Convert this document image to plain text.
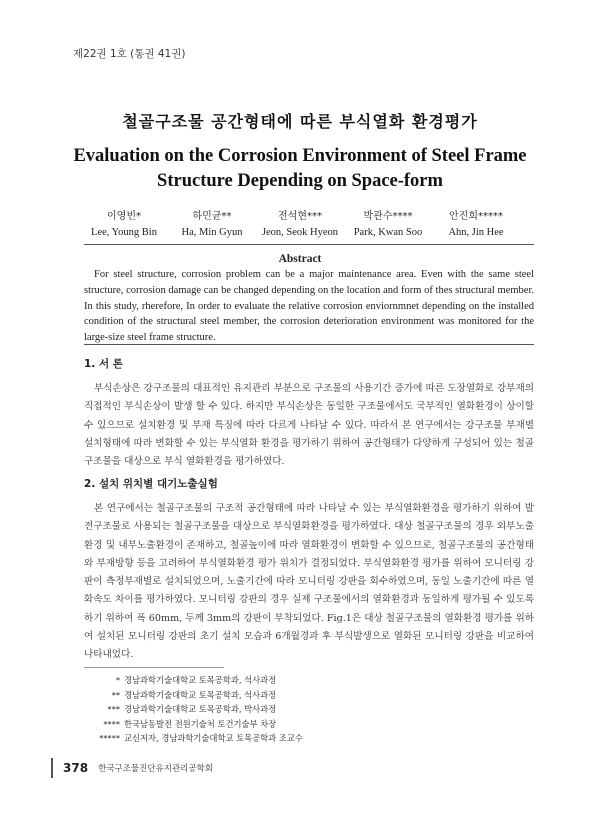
제22권 1호 (통권 41권)
철골구조물 공간형태에 따른 부식열화 환경평가
Evaluation on the Corrosion Environment of Steel Frame Structure Depending on Space-form
이영빈*
Lee, Young Bin
하민균**
Ha, Min Gyun
전석현***
Jeon, Seok Hyeon
박관수****
Park, Kwan Soo
안진희*****
Ahn, Jin Hee
Abstract

For steel structure, corrosion problem can be a major maintenance area. Even with the same steel structure, corrosion damage can be changed depending on the location and form of thes structural member. In this study, rherefore, In order to evaluate the relative corrosion enviornmnet depending on the installed condition of the structural steel member, the corrosion deterioration environment was monitored for the large-size steel frame structure.

1. 서 론

부식손상은 강구조물의 대표적인 유지관리 부분으로 구조물의 사용기간 증가에 따른 도장열화로 강부재의 직접적인 부식손상이 발생 할 수 있다. 하지만 부식손상은 동일한 구조물에서도 국부적인 열화환경이 상이할 수 있으므로 설치환경 및 부재 특징에 따라 다르게 나타날 수 있다. 따라서 본 연구에서는 강구조물 부재별 설치형태에 따라 변화할 수 있는 부식열화 환경을 평가하기 위하여 공간형태가 다양하게 구성되어 있는 철골구조물을 대상으로 부식 열화환경을 평가하였다.

2. 설치 위치별 대기노출실험

본 연구에서는 철골구조물의 구조적 공간형태에 따라 나타날 수 있는 부식열화환경을 평가하기 위하여 발전구조물로 사용되는 철골구조물을 대상으로 부식열화환경을 평가하였다. 대상 철골구조물의 경우 외부노출환경 및 내부노출환경이 존재하고, 철골높이에 따라 열화환경이 변화할 수 있으므로, 철골구조물의 공간형태와 부재방향 등을 고려하여 부식열화환경 평가 위치가 결정되었다. 부식열화환경 평가를 위하여 모니터링 강판이 측정부재별로 설치되었으며, 노출기간에 따라 모니터링 강판을 회수하였으며, 동일 노출기간에 따른 열화속도 차이를 평가하였다. 모니터링 강판의 경우 실제 구조물에서의 열화환경과 동일하게 평가될 수 있도록 하기 위하여 폭 60mm, 두께 3mm의 강판이 부착되었다. Fig.1은 대상 철골구조물의 열화환경 평가를 위하여 설치된 모니터링 강판의 초기 설치 모습과 6개월경과 후 부식발생으로 열화된 모니터링 강판을 비교하여 나타내었다.

* 경남과학기술대학교 토목공학과, 석사과정
** 경남과학기술대학교 토목공학과, 석사과정
*** 경남과학기술대학교 토목공학과, 박사과정
**** 한국남동발전 전원기술처 토건기술부 차장
***** 교신저자, 경남과학기술대학교 토목공학과 조교수
378 한국구조물진단유지관리공학회
